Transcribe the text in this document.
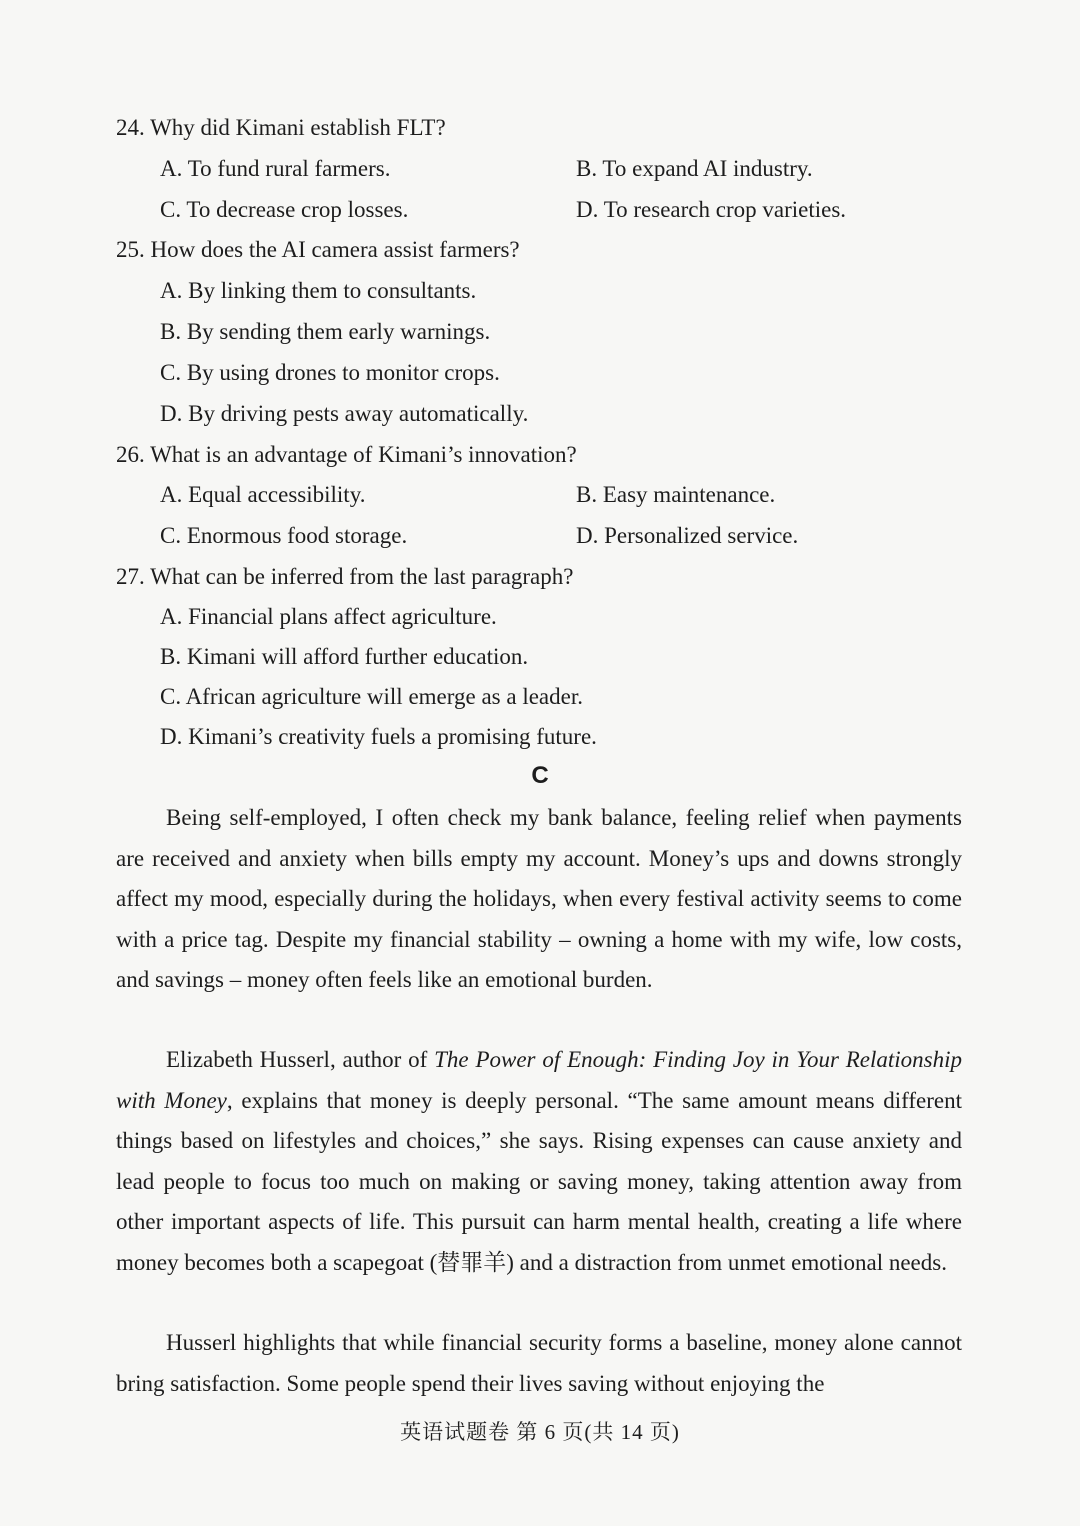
24. Why did Kimani establish FLT?
A. To fund rural farmers.	B. To expand AI industry.
C. To decrease crop losses.	D. To research crop varieties.
25. How does the AI camera assist farmers?
A. By linking them to consultants.
B. By sending them early warnings.
C. By using drones to monitor crops.
D. By driving pests away automatically.
26. What is an advantage of Kimani’s innovation?
A. Equal accessibility.	B. Easy maintenance.
C. Enormous food storage.	D. Personalized service.
27. What can be inferred from the last paragraph?
A. Financial plans affect agriculture.
B. Kimani will afford further education.
C. African agriculture will emerge as a leader.
D. Kimani’s creativity fuels a promising future.
C
Being self-employed, I often check my bank balance, feeling relief when payments are received and anxiety when bills empty my account. Money’s ups and downs strongly affect my mood, especially during the holidays, when every festival activity seems to come with a price tag. Despite my financial stability – owning a home with my wife, low costs, and savings – money often feels like an emotional burden.
Elizabeth Husserl, author of The Power of Enough: Finding Joy in Your Relationship with Money, explains that money is deeply personal. “The same amount means different things based on lifestyles and choices,” she says. Rising expenses can cause anxiety and lead people to focus too much on making or saving money, taking attention away from other important aspects of life. This pursuit can harm mental health, creating a life where money becomes both a scapegoat (替罪羊) and a distraction from unmet emotional needs.
Husserl highlights that while financial security forms a baseline, money alone cannot bring satisfaction. Some people spend their lives saving without enjoying the
英语试题卷 第 6 页(共 14 页)
